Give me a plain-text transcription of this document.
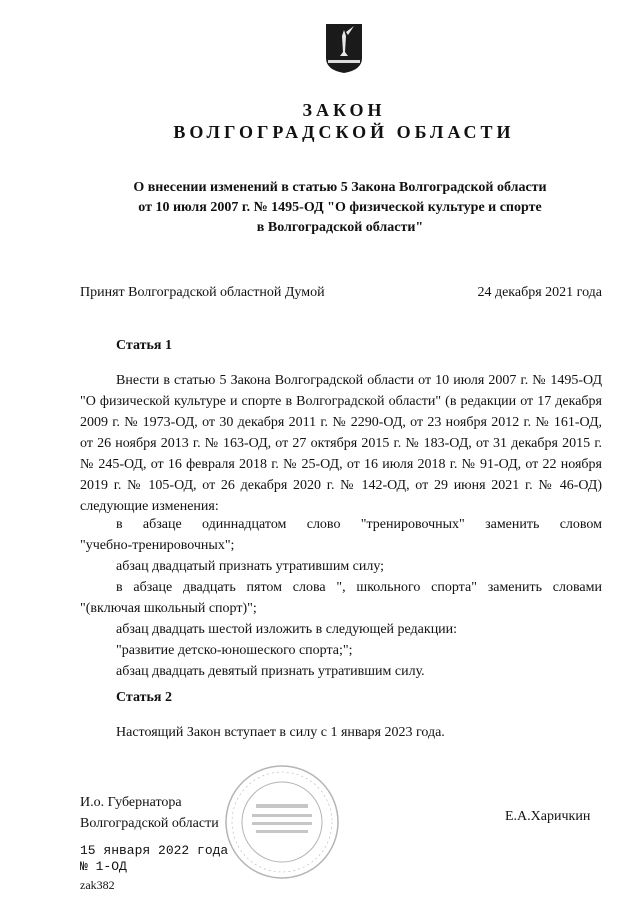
ЗАКОН
ВОЛГОГРАДСКОЙ ОБЛАСТИ
О внесении изменений в статью 5 Закона Волгоградской области
от 10 июля 2007 г. № 1495-ОД "О физической культуре и спорте
в Волгоградской области"
Принят Волгоградской областной Думой	24 декабря 2021 года
Статья 1
Внести в статью 5 Закона Волгоградской области от 10 июля 2007 г. № 1495-ОД "О физической культуре и спорте в Волгоградской области" (в редакции от 17 декабря 2009 г. № 1973-ОД, от 30 декабря 2011 г. № 2290-ОД, от 23 ноября 2012 г. № 161-ОД, от 26 ноября 2013 г. № 163-ОД, от 27 октября 2015 г. № 183-ОД, от 31 декабря 2015 г. № 245-ОД, от 16 февраля 2018 г. № 25-ОД, от 16 июля 2018 г. № 91-ОД, от 22 ноября 2019 г. № 105-ОД, от 26 декабря 2020 г. № 142-ОД, от 29 июня 2021 г. № 46-ОД) следующие изменения:
в абзаце одиннадцатом слово "тренировочных" заменить словом
"учебно-тренировочных";
абзац двадцатый признать утратившим силу;
в абзаце двадцать пятом слова ", школьного спорта" заменить словами
"(включая школьный спорт)";
абзац двадцать шестой изложить в следующей редакции:
"развитие детско-юношеского спорта;";
абзац двадцать девятый признать утратившим силу.
Статья 2
Настоящий Закон вступает в силу с 1 января 2023 года.
И.о. Губернатора
Волгоградской области	Е.А.Харичкин
15 января 2022 года
№ 1-ОД
zak382
